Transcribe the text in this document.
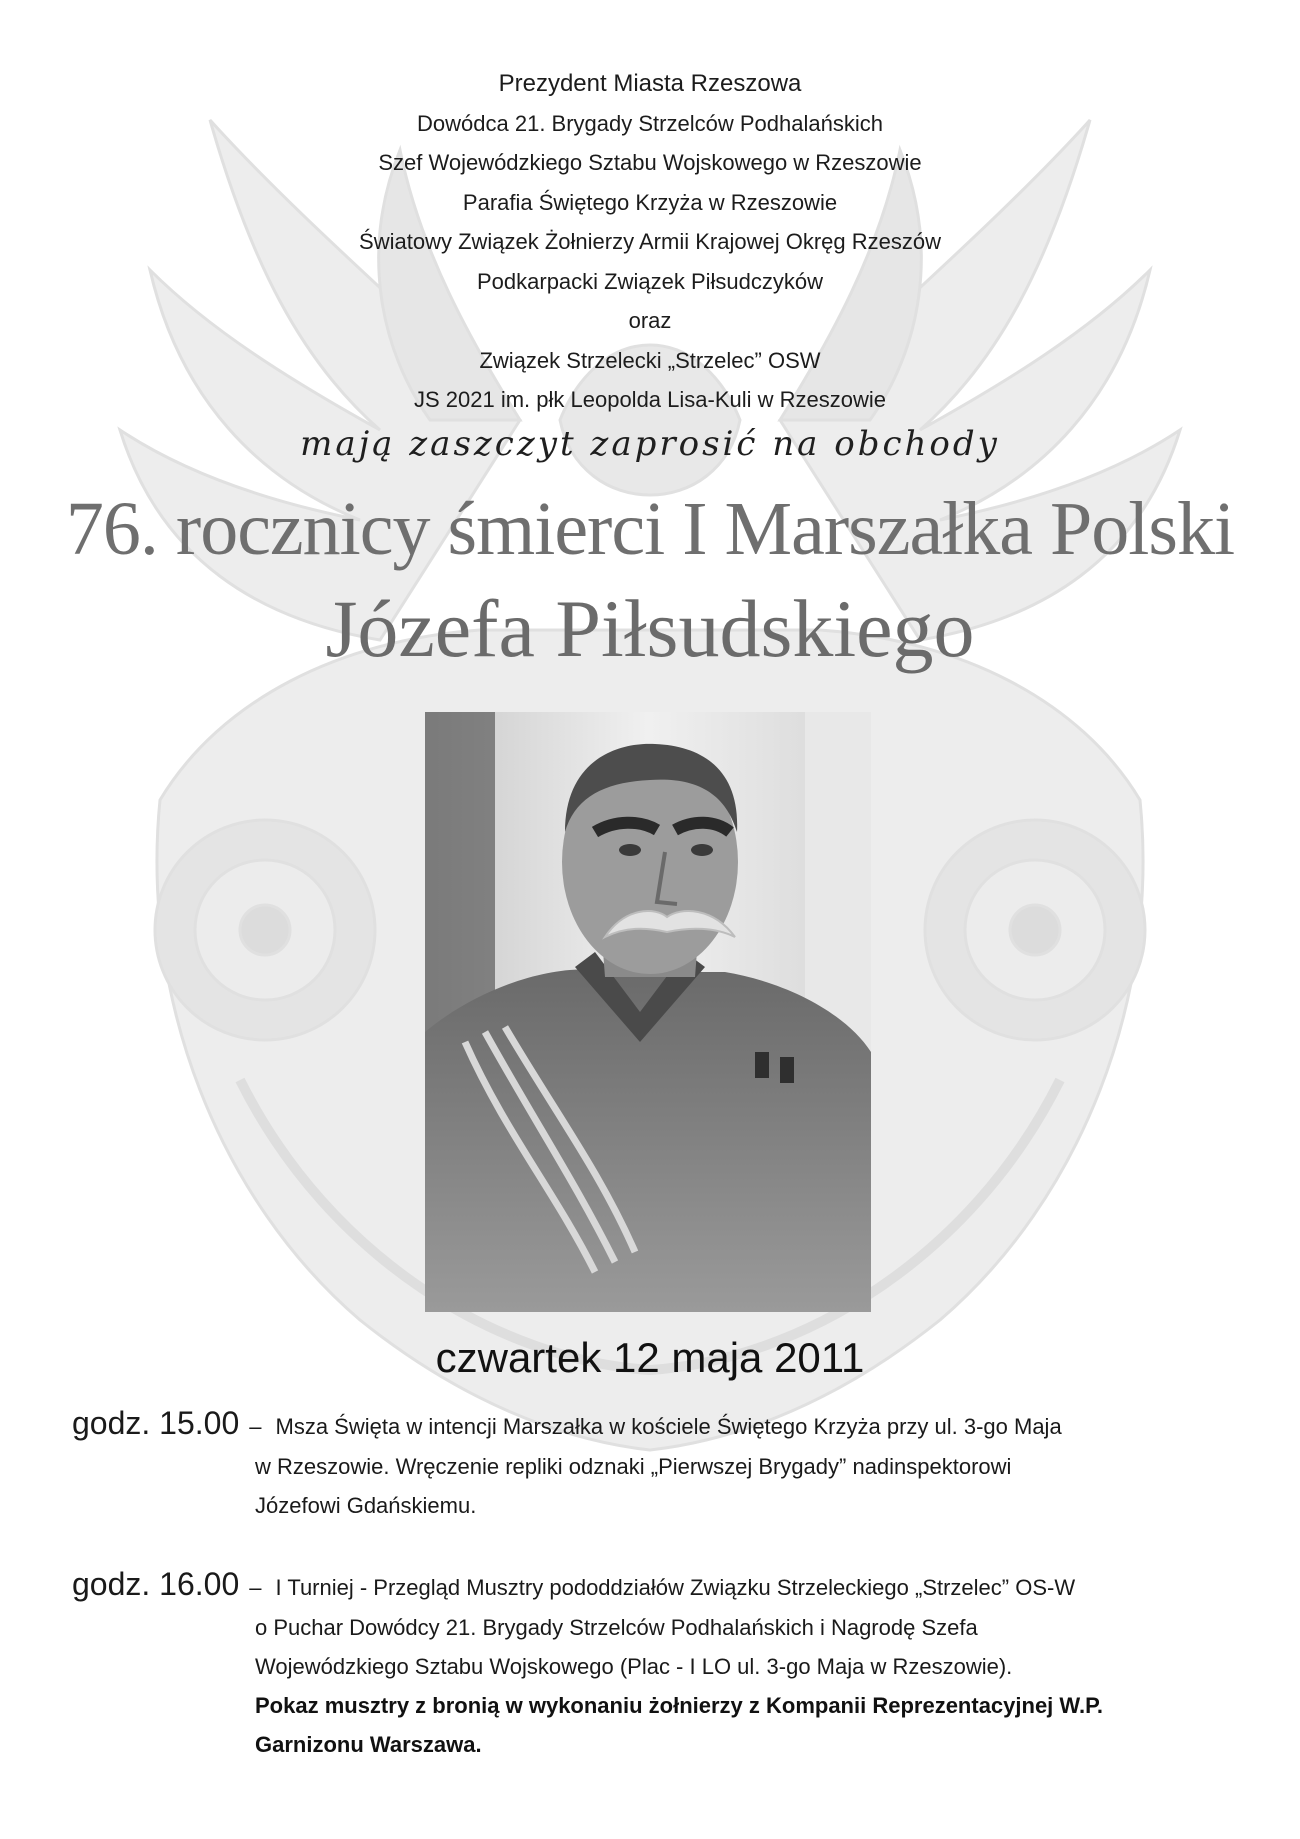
Prezydent Miasta Rzeszowa
Dowódca 21. Brygady Strzelców Podhalańskich
Szef Wojewódzkiego Sztabu Wojskowego w Rzeszowie
Parafia Świętego Krzyża w Rzeszowie
Światowy Związek Żołnierzy Armii Krajowej Okręg Rzeszów
Podkarpacki Związek Piłsudczyków
oraz
Związek Strzelecki „Strzelec” OSW
JS 2021 im. płk Leopolda Lisa-Kuli w Rzeszowie
mają zaszczyt zaprosić na obchody
76. rocznicy śmierci I Marszałka Polski
Józefa Piłsudskiego
czwartek 12 maja 2011
godz. 15.00 – Msza Święta w intencji Marszałka w kościele Świętego Krzyża przy ul. 3-go Maja
w Rzeszowie. Wręczenie repliki odznaki „Pierwszej Brygady” nadinspektorowi
Józefowi Gdańskiemu.
godz. 16.00 – I Turniej - Przegląd Musztry pododdziałów Związku Strzeleckiego „Strzelec” OS-W
o Puchar Dowódcy 21. Brygady Strzelców Podhalańskich i Nagrodę Szefa
Wojewódzkiego Sztabu Wojskowego (Plac - I LO ul. 3-go Maja w Rzeszowie).
Pokaz musztry z bronią w wykonaniu żołnierzy z Kompanii Reprezentacyjnej W.P.
Garnizonu Warszawa.
